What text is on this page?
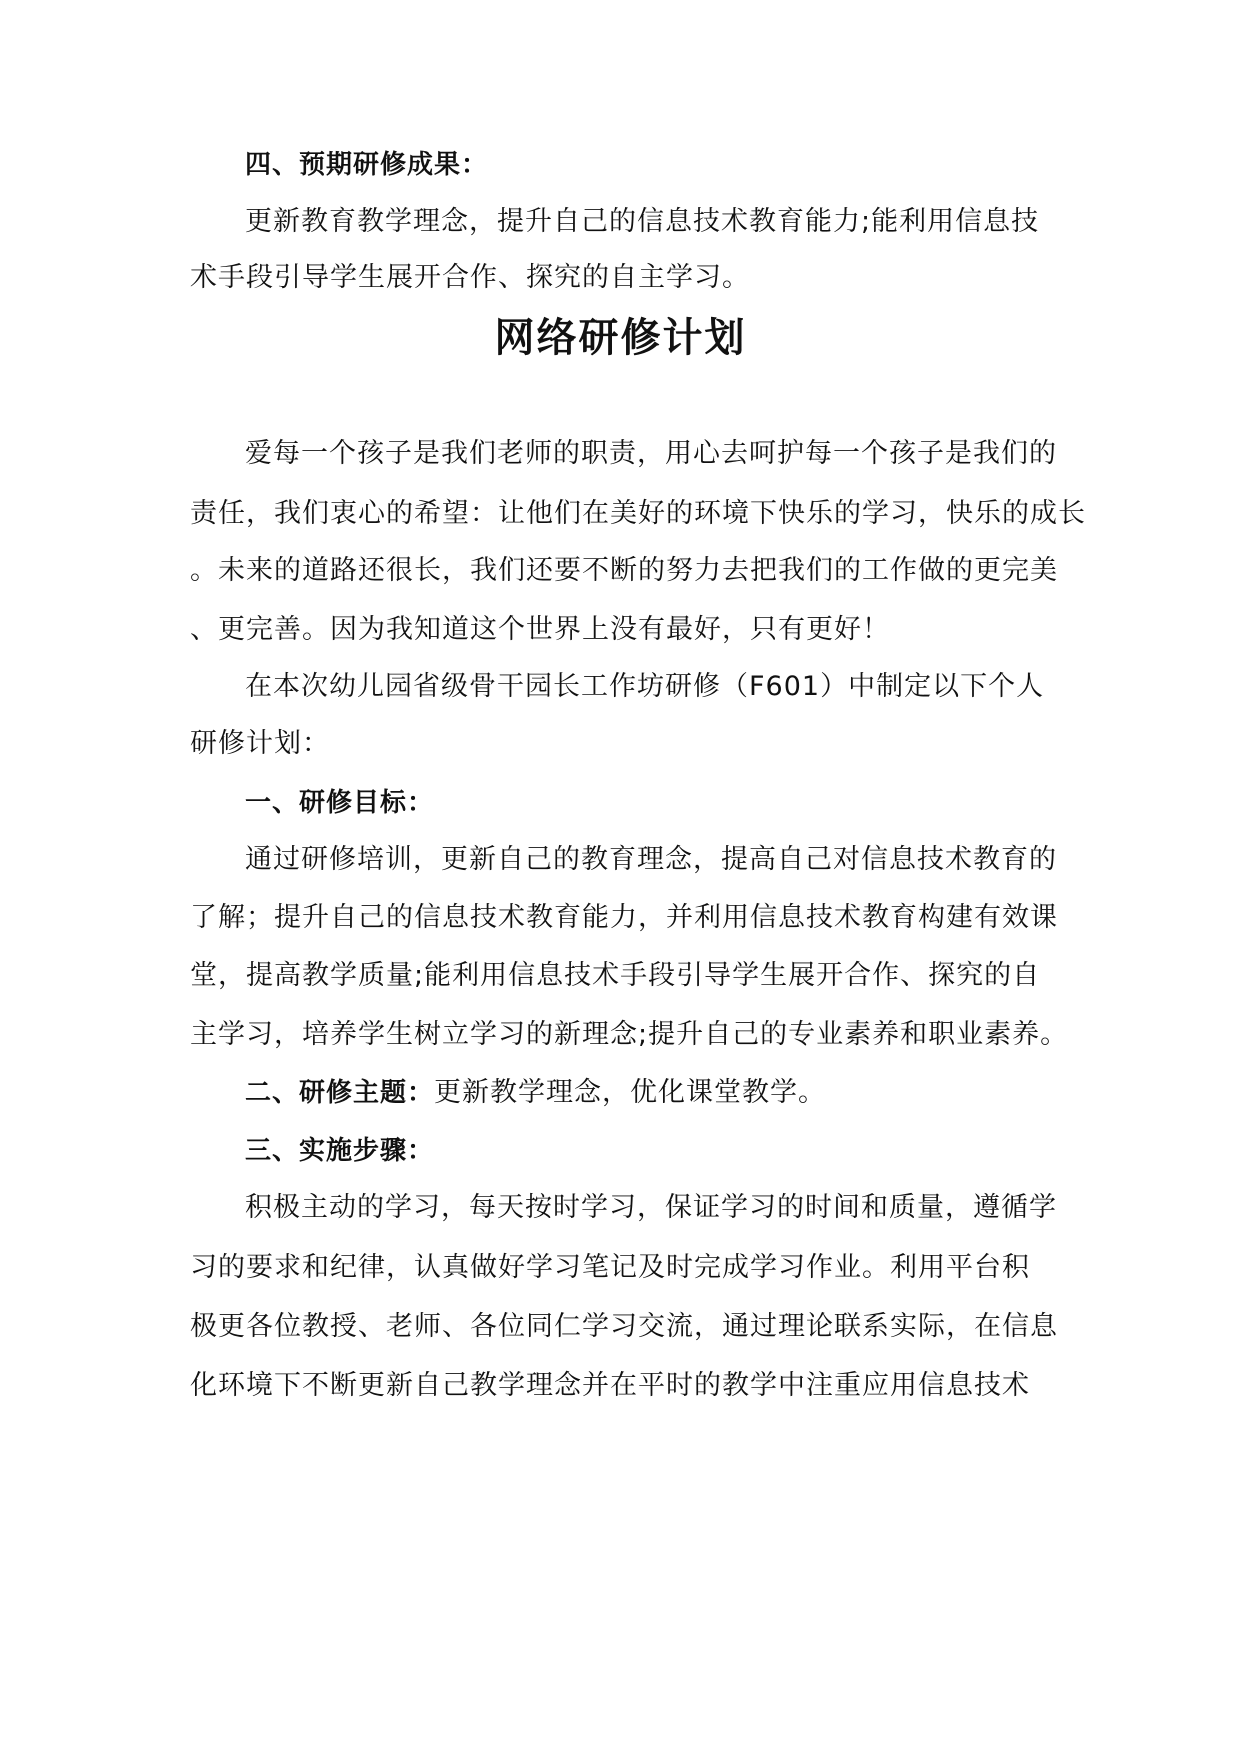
四、预期研修成果：
更新教育教学理念，提升自己的信息技术教育能力;能利用信息技
术手段引导学生展开合作、探究的自主学习。
网络研修计划
爱每一个孩子是我们老师的职责，用心去呵护每一个孩子是我们的
责任，我们衷心的希望：让他们在美好的环境下快乐的学习，快乐的成长
。未来的道路还很长，我们还要不断的努力去把我们的工作做的更完美
、更完善。因为我知道这个世界上没有最好，只有更好！
在本次幼儿园省级骨干园长工作坊研修（F601）中制定以下个人
研修计划：
一、研修目标：
通过研修培训，更新自己的教育理念，提高自己对信息技术教育的
了解；提升自己的信息技术教育能力，并利用信息技术教育构建有效课
堂，提高教学质量;能利用信息技术手段引导学生展开合作、探究的自
主学习，培养学生树立学习的新理念;提升自己的专业素养和职业素养。
二、研修主题：更新教学理念，优化课堂教学。
三、实施步骤：
积极主动的学习，每天按时学习，保证学习的时间和质量，遵循学
习的要求和纪律，认真做好学习笔记及时完成学习作业。利用平台积
极更各位教授、老师、各位同仁学习交流，通过理论联系实际，在信息
化环境下不断更新自己教学理念并在平时的教学中注重应用信息技术
